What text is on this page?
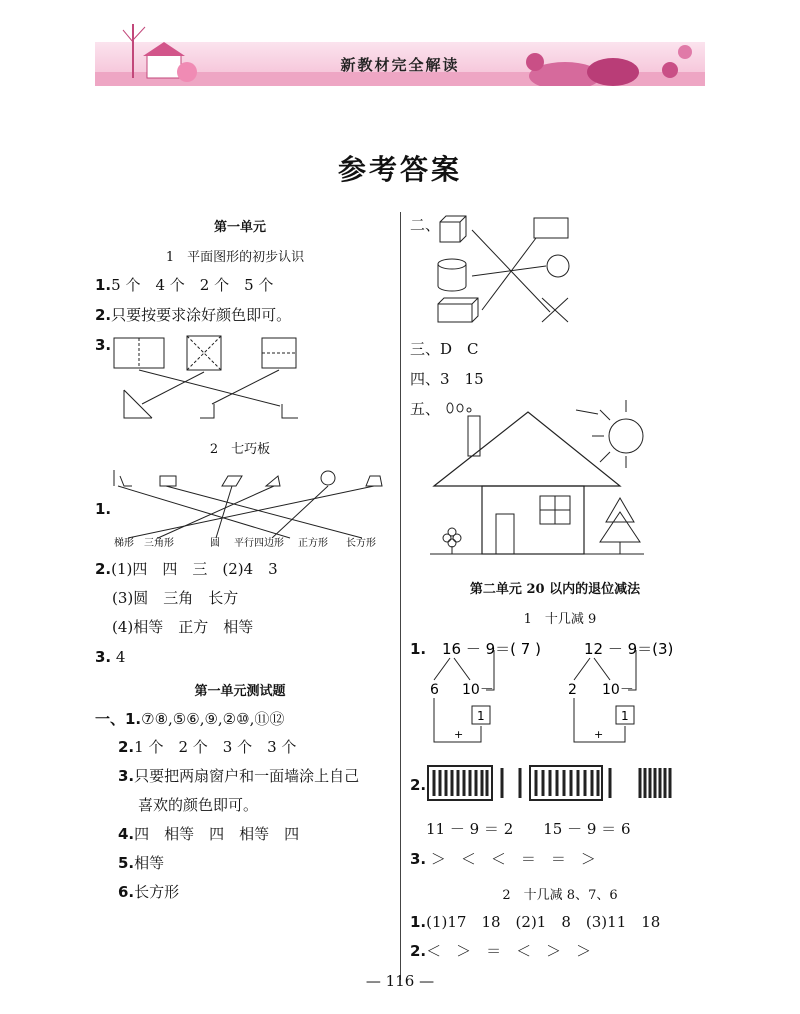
新教材完全解读
参考答案
第一单元
1　平面图形的初步认识
1.5 个　4 个　2 个　5 个
2.只要按要求涂好颜色即可。
3.
2　七巧板
1.
梯形 三角形	圆 平行四边形 正方形 长方形
2.(1)四　四　三　(2)4　3
(3)圆　三角　长方
(4)相等　正方　相等
3. 4
第一单元测试题
一、1.⑦⑧,⑤⑥,⑨,②⑩,⑪⑫
2.1 个　2 个　3 个　3 个
3.只要把两扇窗户和一面墙涂上自己
喜欢的颜色即可。
4.四　相等　四　相等　四
5.相等
6.长方形
二、
三、D　C
四、3　15
五、
第二单元 20 以内的退位减法
1　十几减 9
1. 16 － 9＝( 7 )
6 10－
1
+
12 － 9＝(3)
2 10－
1
+
2.
11 － 9 ＝ 2　　15 － 9 ＝ 6
3. ＞　＜　＜　＝　＝　＞
2　十几减 8、7、6
1.(1)17　18　(2)1　8　(3)11　18
2.＜　＞　＝　＜　＞　＞
— 116 —
